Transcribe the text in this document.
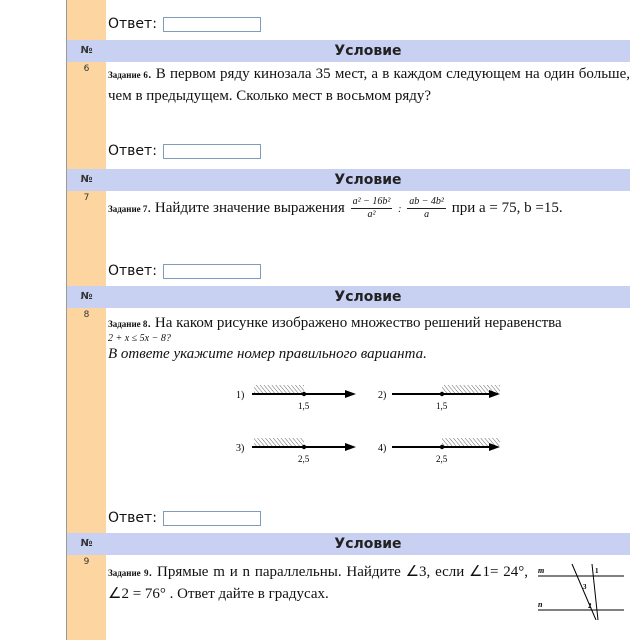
Ответ:
№	Условие
6
Задание 6. В первом ряду кинозала 35 мест, а в каждом следующем на один больше, чем в предыдущем. Сколько мест в восьмом ряду?
Ответ:
№	Условие
7
Задание 7. Найдите значение выражения $\frac{\text{a² − 16b²}}{\text{a²}}$ : $\frac{\text{ab − 4b²}}{a}$ при a = 75, b =15.
Ответ:
№	Условие
8
Задание 8. На каком рисунке изображено множество решений неравенства
2 + x ≤ 5x − 8?
В ответе укажите номер правильного варианта.
1)
1,5
2)
1,5
3)
2,5
4)
2,5
Ответ:
№	Условие
9
Задание 9. Прямые m и n параллельны. Найдите ∠3, если ∠1= 24°, ∠2 = 76° . Ответ дайте в градусах.
m
n
1
2
3
